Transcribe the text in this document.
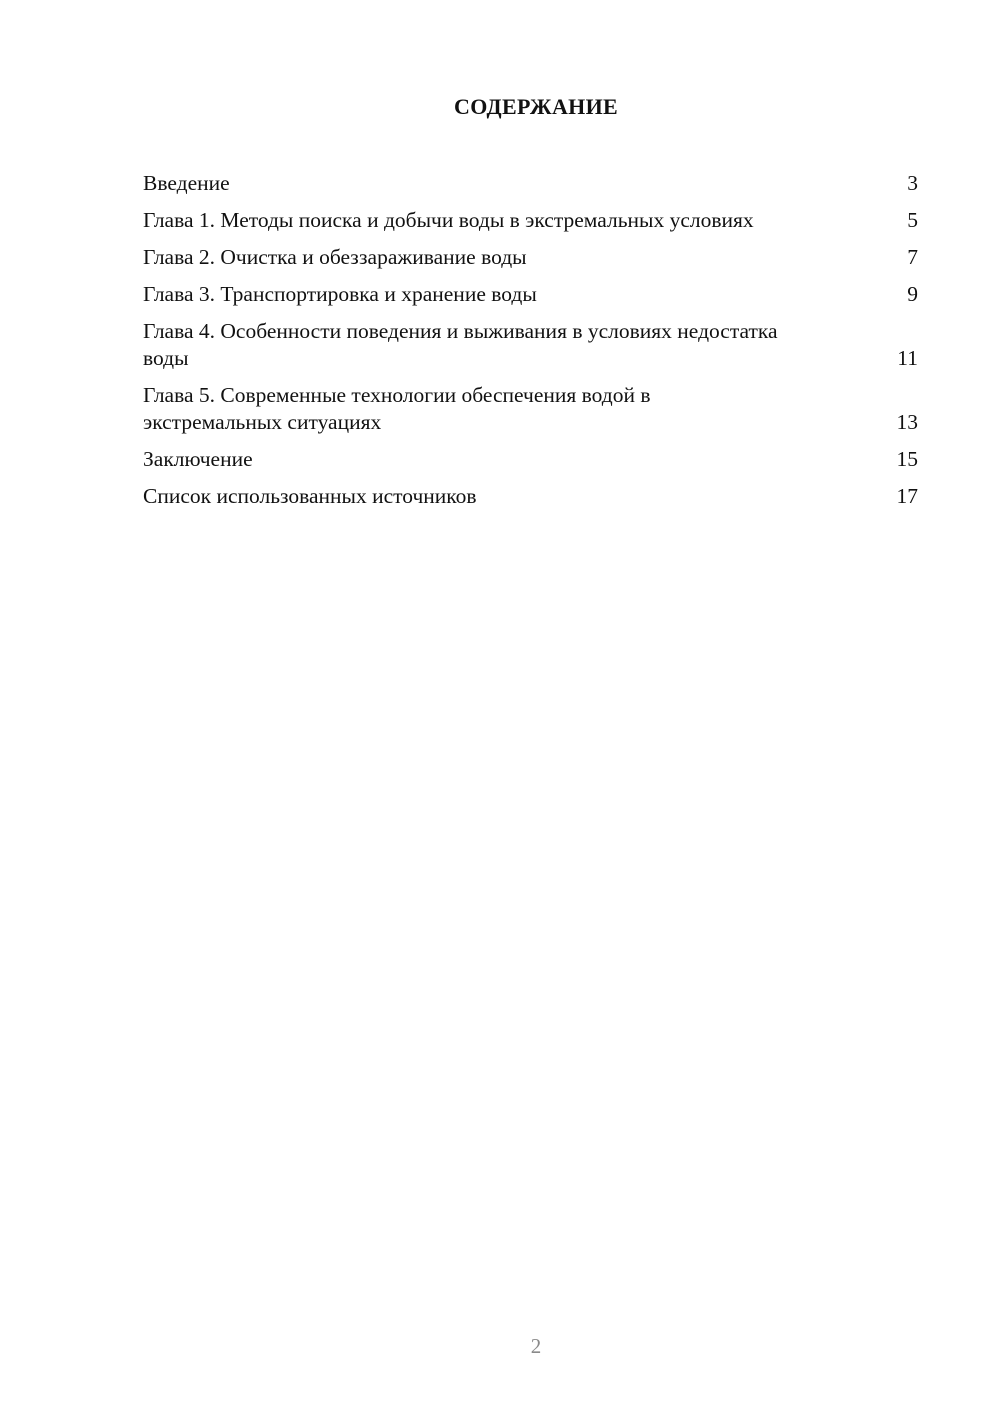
СОДЕРЖАНИЕ
Введение	3
Глава 1. Методы поиска и добычи воды в экстремальных условиях	5
Глава 2. Очистка и обеззараживание воды	7
Глава 3. Транспортировка и хранение воды	9
Глава 4. Особенности поведения и выживания в условиях недостатка воды	11
Глава 5. Современные технологии обеспечения водой в экстремальных ситуациях	13
Заключение	15
Список использованных источников	17
2
